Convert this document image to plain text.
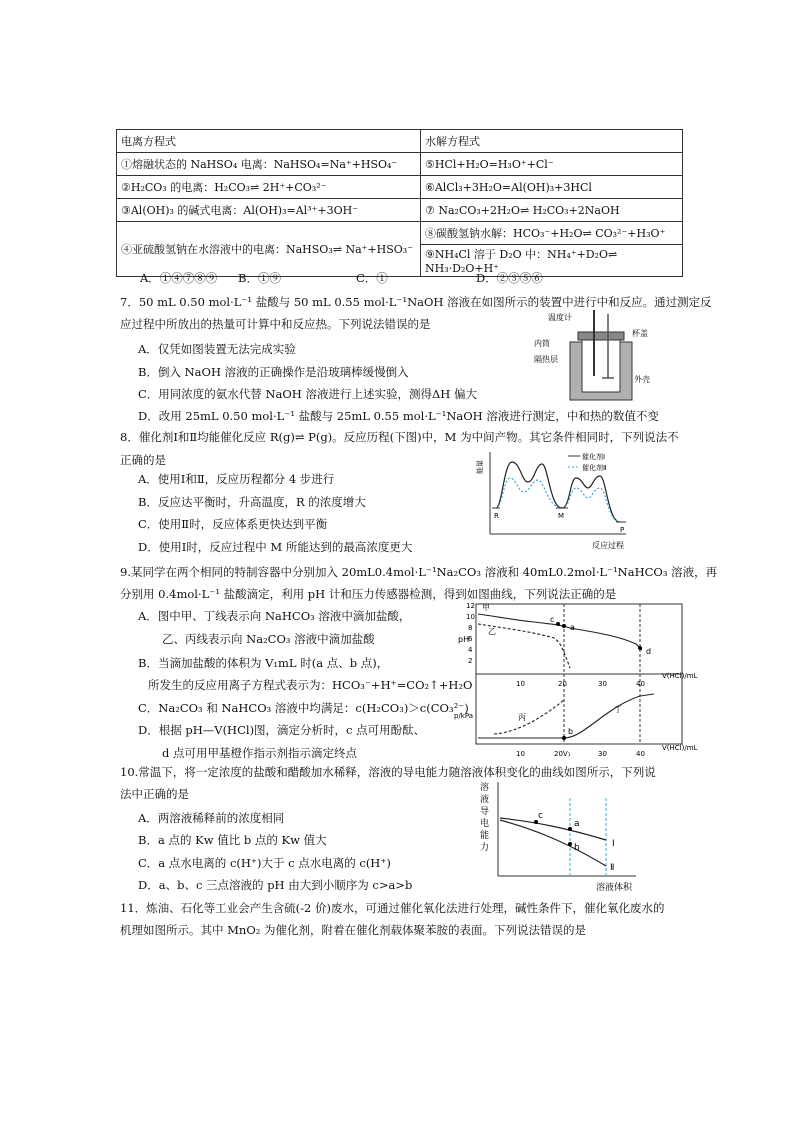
电离方程式	水解方程式
①熔融状态的 NaHSO₄ 电离：NaHSO₄=Na⁺+HSO₄⁻	⑤HCl+H₂O=H₃O⁺+Cl⁻
②H₂CO₃ 的电离：H₂CO₃⇌ 2H⁺+CO₃²⁻	⑥AlCl₃+3H₂O=Al(OH)₃+3HCl
③Al(OH)₃ 的碱式电离：Al(OH)₃=Al³⁺+3OH⁻	⑦ Na₂CO₃+2H₂O⇌ H₂CO₃+2NaOH
④亚硫酸氢钠在水溶液中的电离：NaHSO₃⇌ Na⁺+HSO₃⁻	⑧碳酸氢钠水解：HCO₃⁻+H₂O⇌ CO₃²⁻+H₃O⁺
	⑨NH₄Cl 溶于 D₂O 中：NH₄⁺+D₂O⇌ NH₃·D₂O+H⁺
A．①④⑦⑧⑨ B．①⑨	C．①	D．②③⑤⑥
7．50 mL 0.50 mol·L⁻¹ 盐酸与 50 mL 0.55 mol·L⁻¹NaOH 溶液在如图所示的装置中进行中和反应。通过测定反
应过程中所放出的热量可计算中和反应热。下列说法错误的是
A．仅凭如图装置无法完成实验
B．倒入 NaOH 溶液的正确操作是沿玻璃棒缓慢倒入
C．用同浓度的氨水代替 NaOH 溶液进行上述实验，测得ΔH 偏大
D．改用 25mL 0.50 mol·L⁻¹ 盐酸与 25mL 0.55 mol·L⁻¹NaOH 溶液进行测定，中和热的数值不变
温度计
杯盖
内筒
隔热层
外壳
8．催化剂Ⅰ和Ⅱ均能催化反应 R(g)⇌ P(g)。反应历程(下图)中，M 为中间产物。其它条件相同时，下列说法不
正确的是
A．使用Ⅰ和Ⅱ，反应历程都分 4 步进行
B．反应达平衡时，升高温度，R 的浓度增大
C．使用Ⅱ时，反应体系更快达到平衡
D．使用Ⅰ时，反应过程中 M 所能达到的最高浓度更大
能量
催化剂Ⅰ
催化剂Ⅱ
R	M
P
反应过程
9.某同学在两个相同的特制容器中分别加入 20mL0.4mol·L⁻¹Na₂CO₃ 溶液和 40mL0.2mol·L⁻¹NaHCO₃ 溶液，再
分别用 0.4mol·L⁻¹ 盐酸滴定，利用 pH 计和压力传感器检测，得到如图曲线，下列说法正确的是
A．图中甲、丁线表示向 NaHCO₃ 溶液中滴加盐酸，
乙、丙线表示向 Na₂CO₃ 溶液中滴加盐酸
B．当滴加盐酸的体积为 V₁mL 时(a 点、b 点)，
所发生的反应用离子方程式表示为：HCO₃⁻+H⁺=CO₂↑+H₂O
C．Na₂CO₃ 和 NaHCO₃ 溶液中均满足：c(H₂CO₃)＞c(CO₃²⁻)
D．根据 pH—V(HCl)图，滴定分析时，c 点可用酚酞、
d 点可用甲基橙作指示剂指示滴定终点
pH
12
10
8
6
4
2
甲
乙	a
c
d
10	20	30	40
V(HCl)/mL
p/kPa	丙
丁
b
10	20V₁	30	40
V(HCl)/mL
10.常温下，将一定浓度的盐酸和醋酸加水稀释，溶液的导电能力随溶液体积变化的曲线如图所示，下列说
法中正确的是
A．两溶液稀释前的浓度相同
B．a 点的 Kw 值比 b 点的 Kw 值大
C．a 点水电离的 c(H⁺)大于 c 点水电离的 c(H⁺)
D．a、b、c 三点溶液的 pH 由大到小顺序为 c>a>b
溶
液
导
电
能
力
c
a
b	Ⅰ
Ⅱ
溶液体积
11．炼油、石化等工业会产生含硫(-2 价)废水，可通过催化氧化法进行处理，碱性条件下，催化氧化废水的
机理如图所示。其中 MnO₂ 为催化剂，附着在催化剂载体聚苯胺的表面。下列说法错误的是
